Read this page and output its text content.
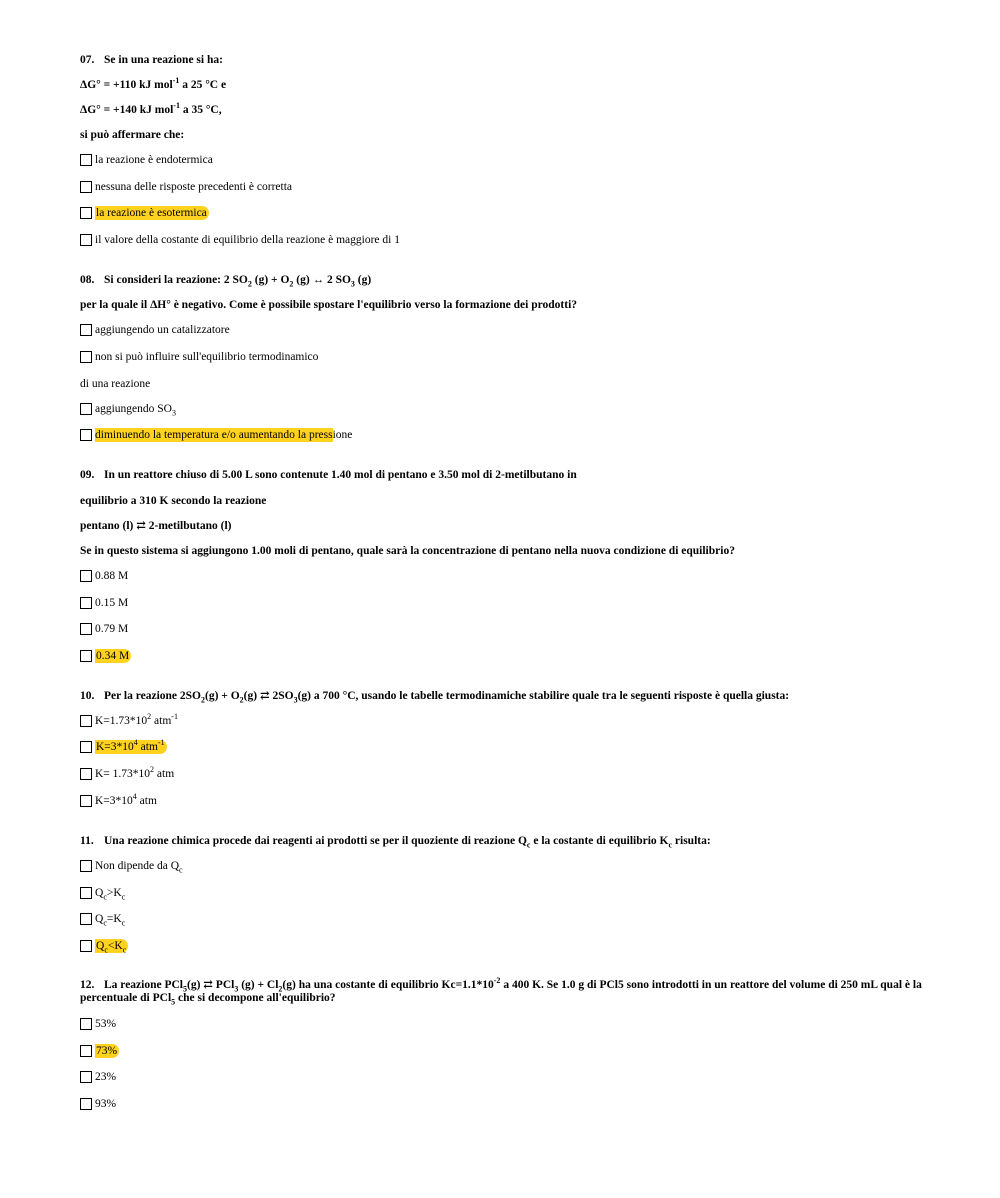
07. Se in una reazione si ha:
ΔG° = +110 kJ mol$^{-1}$ a 25 °C e
ΔG° = +140 kJ mol$^{-1}$ a 35 °C,
si può affermare che:
la reazione è endotermica
nessuna delle risposte precedenti è corretta
la reazione è esotermica
il valore della costante di equilibrio della reazione è maggiore di 1
08. Si consideri la reazione: 2 $SO_2$ $(g) + O_2$ (g) ↔ 2 $SO_3$ (g)
per la quale il ΔH° è negativo. Come è possibile spostare l'equilibrio verso la formazione dei prodotti?
aggiungendo un catalizzatore
non si può influire sull'equilibrio termodinamico
di una reazione
aggiungendo $SO_3$
diminuendo la temperatura e/o aumentando la pressione
09. In un reattore chiuso di 5.00 L sono contenute 1.40 mol di pentano e 3.50 mol di 2-metilbutano in
equilibrio a 310 K secondo la reazione
pentano (l) ⇄ 2-metilbutano (l)
Se in questo sistema si aggiungono 1.00 moli di pentano, quale sarà la concentrazione di pentano nella nuova condizione di equilibrio?
0.88 M
0.15 M
0.79 M
0.34 M
10. Per la reazione $2SO_2(g) + O_2(g)$ ⇄ $2SO_3(g)$ a 700 °C, usando le tabelle termodinamiche stabilire quale tra le seguenti risposte è quella giusta:
$K=1.73*10^2$ atm$^{-1}$
$K=3*10^4$ atm$^{-1}$
$K= 1.73*10^2$ atm
$K=3*10^4$ atm
11. Una reazione chimica procede dai reagenti ai prodotti se per il quoziente di reazione $Q_c$ e la costante di equilibrio $K_c$ risulta:
Non dipende da $Q_c$
$Q_c>K_c$
$Q_c=K_c$
$Q_c<K_c$
12. La reazione PCl$_5$(g) ⇄ PCl$_3$ $(g) + Cl_2(g)$ ha una costante di equilibrio $Kc=1.1*10^{-2}$ a 400 K. Se 1.0 g di PCl5 sono introdotti in un reattore del volume di 250 mL qual è la percentuale di PCl$_5$ che si decompone all'equilibrio?
53%
73%
23%
93%
